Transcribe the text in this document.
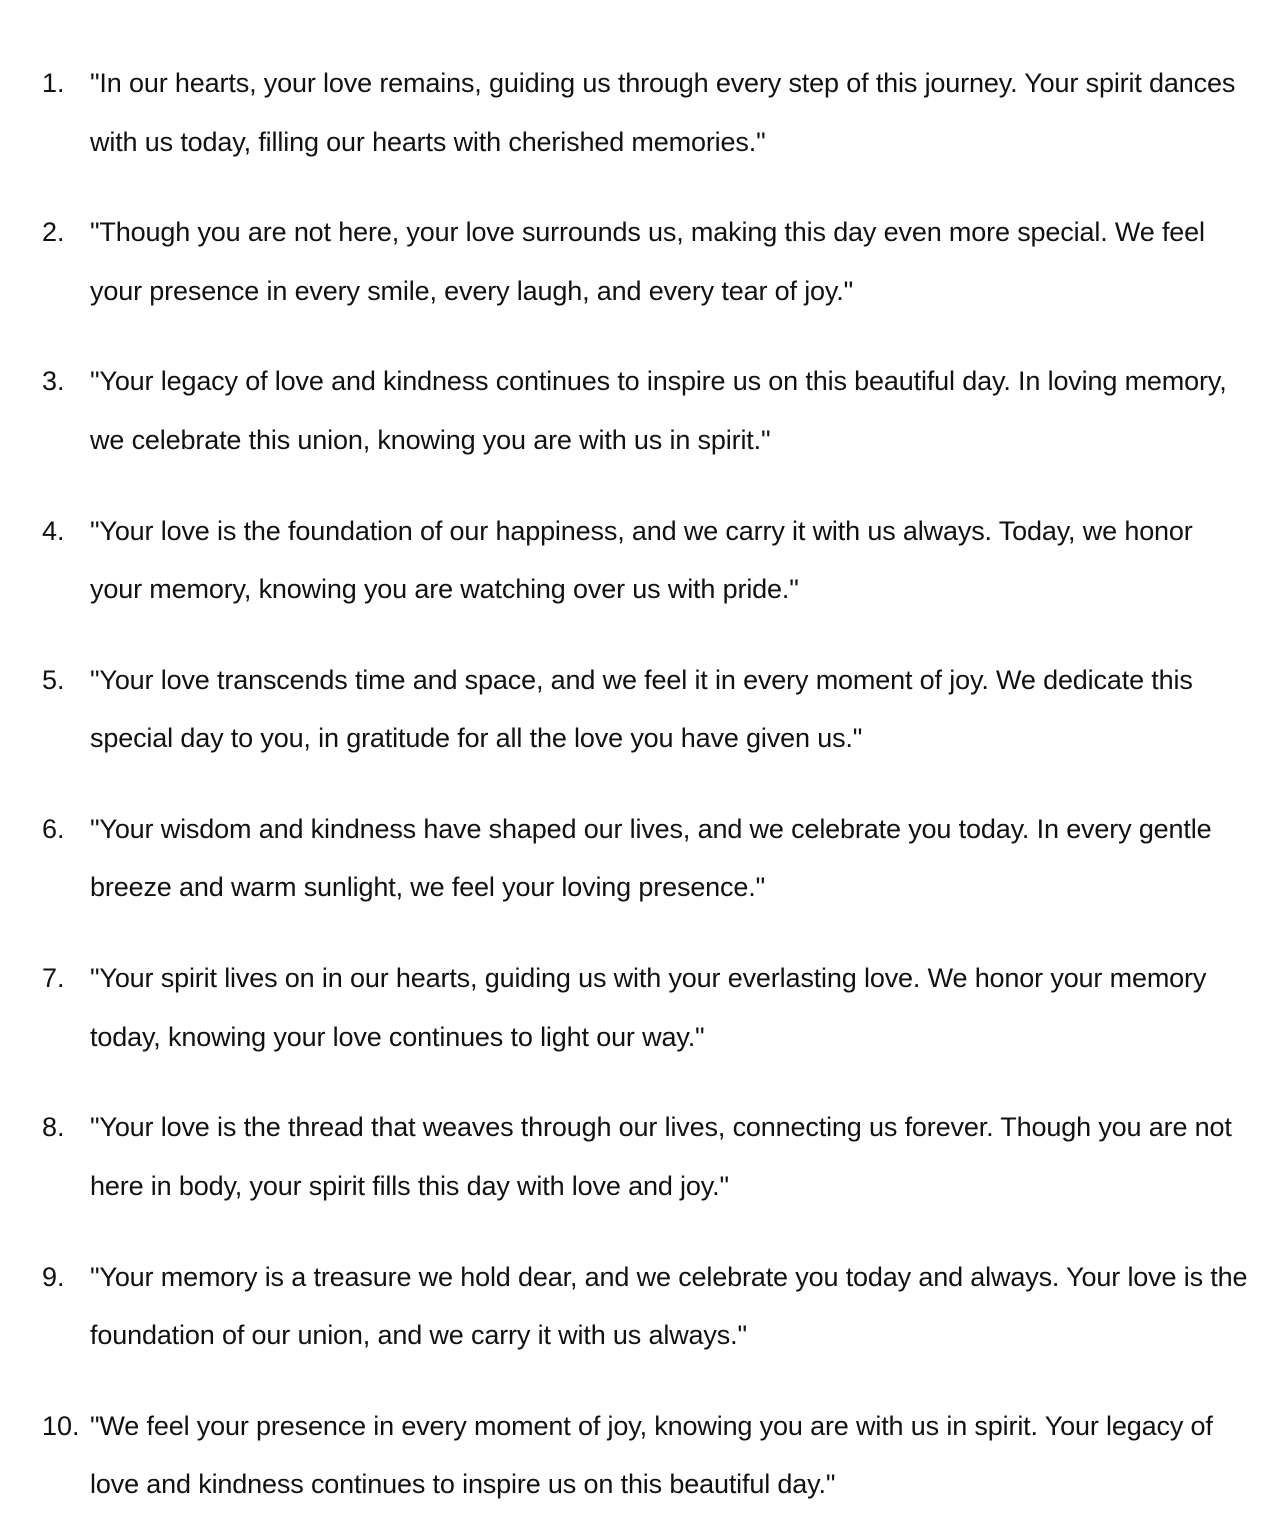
1. "In our hearts, your love remains, guiding us through every step of this journey. Your spirit dances with us today, filling our hearts with cherished memories."
2. "Though you are not here, your love surrounds us, making this day even more special. We feel your presence in every smile, every laugh, and every tear of joy."
3. "Your legacy of love and kindness continues to inspire us on this beautiful day. In loving memory, we celebrate this union, knowing you are with us in spirit."
4. "Your love is the foundation of our happiness, and we carry it with us always. Today, we honor your memory, knowing you are watching over us with pride."
5. "Your love transcends time and space, and we feel it in every moment of joy. We dedicate this special day to you, in gratitude for all the love you have given us."
6. "Your wisdom and kindness have shaped our lives, and we celebrate you today. In every gentle breeze and warm sunlight, we feel your loving presence."
7. "Your spirit lives on in our hearts, guiding us with your everlasting love. We honor your memory today, knowing your love continues to light our way."
8. "Your love is the thread that weaves through our lives, connecting us forever. Though you are not here in body, your spirit fills this day with love and joy."
9. "Your memory is a treasure we hold dear, and we celebrate you today and always. Your love is the foundation of our union, and we carry it with us always."
10. "We feel your presence in every moment of joy, knowing you are with us in spirit. Your legacy of love and kindness continues to inspire us on this beautiful day."
